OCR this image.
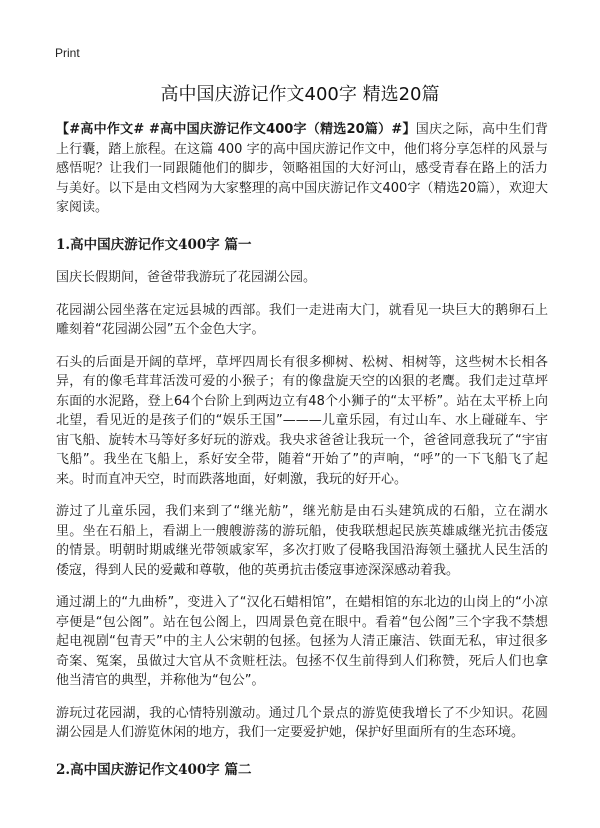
Print
高中国庆游记作文400字 精选20篇

【#高中作文# #高中国庆游记作文400字（精选20篇）#】国庆之际，高中生们背上行囊，踏上旅程。在这篇 400 字的高中国庆游记作文中，他们将分享怎样的风景与感悟呢？让我们一同跟随他们的脚步，领略祖国的大好河山，感受青春在路上的活力与美好。以下是由文档网为大家整理的高中国庆游记作文400字（精选20篇），欢迎大家阅读。

1.高中国庆游记作文400字 篇一

国庆长假期间，爸爸带我游玩了花园湖公园。

花园湖公园坐落在定远县城的西部。我们一走进南大门，就看见一块巨大的鹅卵石上雕刻着“花园湖公园”五个金色大字。

石头的后面是开阔的草坪，草坪四周长有很多柳树、松树、相树等，这些树木长相各异，有的像毛茸茸活泼可爱的小猴子；有的像盘旋天空的凶狠的老鹰。我们走过草坪东面的水泥路，登上64个台阶上到两边立有48个小狮子的“太平桥”。站在太平桥上向北望，看见近的是孩子们的“娱乐王国”———儿童乐园，有过山车、水上碰碰车、宇宙飞船、旋转木马等好多好玩的游戏。我央求爸爸让我玩一个，爸爸同意我玩了“宇宙飞船”。我坐在飞船上，系好安全带，随着“开始了”的声响，“呼”的一下飞船飞了起来。时而直冲天空，时而跌落地面，好刺激，我玩的好开心。

游过了儿童乐园，我们来到了“继光舫”，继光舫是由石头建筑成的石船，立在湖水里。坐在石船上，看湖上一艘艘游荡的游玩船，使我联想起民族英雄戚继光抗击倭寇的情景。明朝时期戚继光带领戚家军，多次打败了侵略我国沿海领土骚扰人民生活的倭寇，得到人民的爱戴和尊敬，他的英勇抗击倭寇事迹深深感动着我。

通过湖上的“九曲桥”，变进入了“汉化石蜡相馆”，在蜡相馆的东北边的山岗上的“小凉亭便是“包公阁”。站在包公阁上，四周景色竟在眼中。看着“包公阁”三个字我不禁想起电视剧“包青天”中的主人公宋朝的包拯。包拯为人清正廉洁、铁面无私，审过很多奇案、冤案，虽做过大官从不贪赃枉法。包拯不仅生前得到人们称赞，死后人们也拿他当清官的典型，并称他为“包公”。

游玩过花园湖，我的心情特别激动。通过几个景点的游览使我增长了不少知识。花圆湖公园是人们游览休闲的地方，我们一定要爱护她，保护好里面所有的生态环境。

2.高中国庆游记作文400字 篇二
